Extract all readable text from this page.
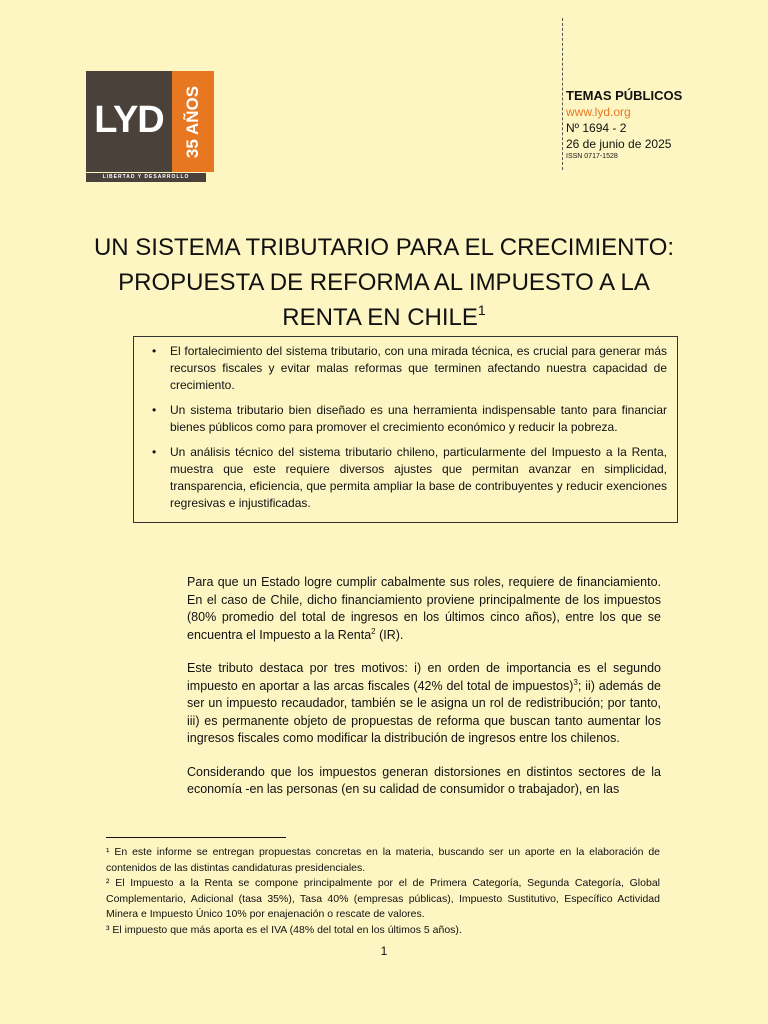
LYD	35 AÑOS
LIBERTAD Y DESARROLLO
TEMAS PÚBLICOS
www.lyd.org
Nº 1694 - 2
26 de junio de 2025
ISSN 0717-1528
UN SISTEMA TRIBUTARIO PARA EL CRECIMIENTO:
PROPUESTA DE REFORMA AL IMPUESTO A LA
RENTA EN CHILE$^1$
• El fortalecimiento del sistema tributario, con una mirada técnica, es crucial para generar más recursos fiscales y evitar malas reformas que terminen afectando nuestra capacidad de crecimiento.
• Un sistema tributario bien diseñado es una herramienta indispensable tanto para financiar bienes públicos como para promover el crecimiento económico y reducir la pobreza.
• Un análisis técnico del sistema tributario chileno, particularmente del Impuesto a la Renta, muestra que este requiere diversos ajustes que permitan avanzar en simplicidad, transparencia, eficiencia, que permita ampliar la base de contribuyentes y reducir exenciones regresivas e injustificadas.

Para que un Estado logre cumplir cabalmente sus roles, requiere de financiamiento. En el caso de Chile, dicho financiamiento proviene principalmente de los impuestos (80% promedio del total de ingresos en los últimos cinco años), entre los que se encuentra el Impuesto a la Renta$^2$ (IR).

Este tributo destaca por tres motivos: i) en orden de importancia es el segundo impuesto en aportar a las arcas fiscales (42% del total de impuestos)$^3$; ii) además de ser un impuesto recaudador, también se le asigna un rol de redistribución; por tanto, iii) es permanente objeto de propuestas de reforma que buscan tanto aumentar los ingresos fiscales como modificar la distribución de ingresos entre los chilenos.

Considerando que los impuestos generan distorsiones en distintos sectores de la economía -en las personas (en su calidad de consumidor o trabajador), en las

¹ En este informe se entregan propuestas concretas en la materia, buscando ser un aporte en la elaboración de contenidos de las distintas candidaturas presidenciales.

² El Impuesto a la Renta se compone principalmente por el de Primera Categoría, Segunda Categoría, Global Complementario, Adicional (tasa 35%), Tasa 40% (empresas públicas), Impuesto Sustitutivo, Específico Actividad Minera e Impuesto Único 10% por enajenación o rescate de valores.

³ El impuesto que más aporta es el IVA (48% del total en los últimos 5 años).

1
